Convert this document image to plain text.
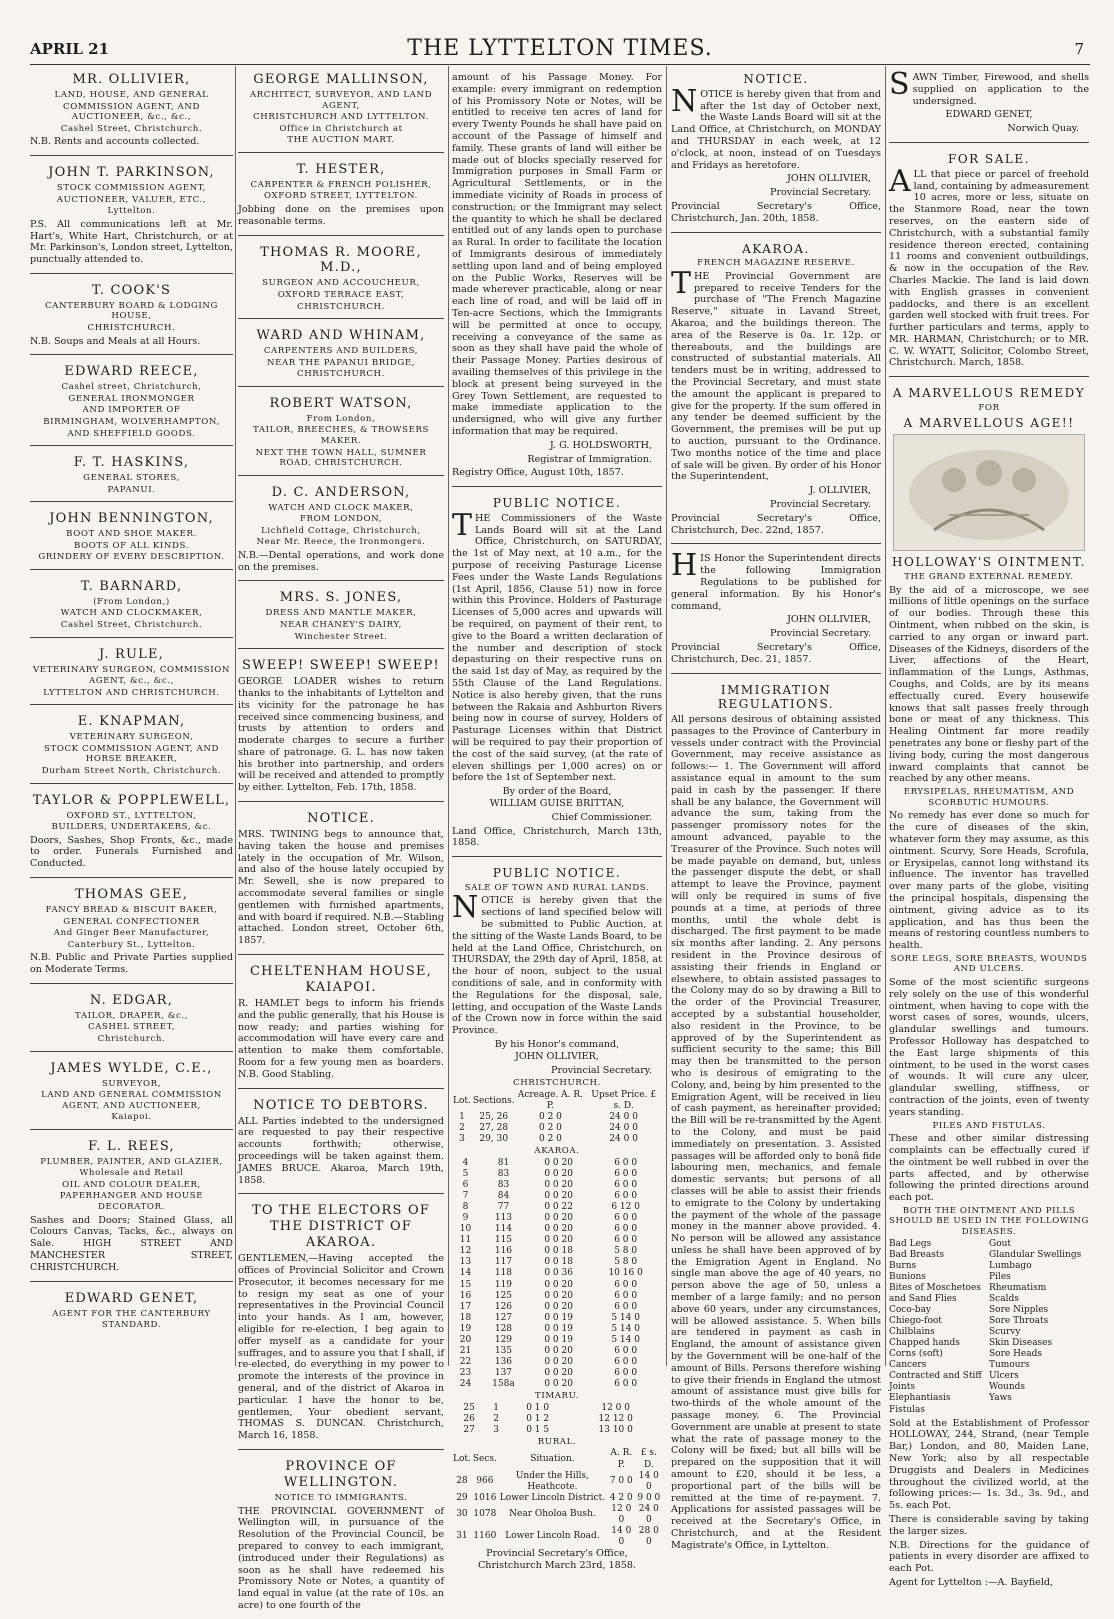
APRIL 21	THE LYTTELTON TIMES.	7
MR. OLLIVIER,
LAND, HOUSE, AND GENERAL
COMMISSION AGENT, AND AUCTIONEER, &c., &c.,
Cashel Street, Christchurch.
N.B. Rents and accounts collected.
JOHN T. PARKINSON,
STOCK COMMISSION AGENT,
AUCTIONEER, VALUER, ETC.,
Lyttelton.
P.S. All communications left at Mr. Hart's, White Hart, Christchurch, or at Mr. Parkinson's, London street, Lyttelton, punctually attended to.
T. COOK'S
CANTERBURY BOARD & LODGING HOUSE,
CHRISTCHURCH.
N.B. Soups and Meals at all Hours.
EDWARD REECE,
Cashel street, Christchurch,
GENERAL IRONMONGER
AND IMPORTER OF
BIRMINGHAM, WOLVERHAMPTON,
AND SHEFFIELD GOODS.
F. T. HASKINS,
GENERAL STORES,
PAPANUI.
JOHN BENNINGTON,
BOOT AND SHOE MAKER.
BOOTS OF ALL KINDS.
GRINDERY OF EVERY DESCRIPTION.
T. BARNARD,
(From London,)
WATCH AND CLOCKMAKER,
Cashel Street, Christchurch.
J. RULE,
VETERINARY SURGEON, COMMISSION
AGENT, &c., &c.,
LYTTELTON AND CHRISTCHURCH.
E. KNAPMAN,
VETERINARY SURGEON,
STOCK COMMISSION AGENT, AND HORSE BREAKER,
Durham Street North, Christchurch.
TAYLOR & POPPLEWELL,
OXFORD ST., LYTTELTON,
BUILDERS, UNDERTAKERS, &c.
Doors, Sashes, Shop Fronts, &c., made to order. Funerals Furnished and Conducted.
THOMAS GEE,
FANCY BREAD & BISCUIT BAKER,
GENERAL CONFECTIONER
And Ginger Beer Manufacturer,
Canterbury St., Lyttelton.
N.B. Public and Private Parties supplied on Moderate Terms.
N. EDGAR,
TAILOR, DRAPER, &c.,
CASHEL STREET,
Christchurch.
JAMES WYLDE, C.E.,
SURVEYOR,
LAND AND GENERAL COMMISSION AGENT, AND AUCTIONEER,
Kaiapoi.
F. L. REES,
PLUMBER, PAINTER, AND GLAZIER,
Wholesale and Retail
OIL AND COLOUR DEALER,
PAPERHANGER AND HOUSE DECORATOR.
Sashes and Doors; Stained Glass, all Colours Canvas, Tacks, &c., always on Sale. HIGH STREET AND MANCHESTER STREET, CHRISTCHURCH.
EDWARD GENET,
AGENT FOR THE CANTERBURY
STANDARD.
GEORGE MALLINSON,
ARCHITECT, SURVEYOR, AND LAND AGENT,
CHRISTCHURCH AND LYTTELTON.
Office in Christchurch at
THE AUCTION MART.
T. HESTER,
CARPENTER & FRENCH POLISHER,
OXFORD STREET, LYTTELTON.
Jobbing done on the premises upon reasonable terms.
THOMAS R. MOORE, M.D.,
SURGEON AND ACCOUCHEUR,
OXFORD TERRACE EAST,
CHRISTCHURCH.
WARD AND WHINAM,
CARPENTERS AND BUILDERS,
NEAR THE PAPANUI BRIDGE,
CHRISTCHURCH.
ROBERT WATSON,
From London,
TAILOR, BREECHES, & TROWSERS MAKER.
NEXT THE TOWN HALL, SUMNER ROAD, CHRISTCHURCH.
D. C. ANDERSON,
WATCH AND CLOCK MAKER,
FROM LONDON,
Lichfield Cottage, Christchurch,
Near Mr. Reece, the Ironmongers.
N.B.—Dental operations, and work done on the premises.
MRS. S. JONES,
DRESS AND MANTLE MAKER,
NEAR CHANEY'S DAIRY,
Winchester Street.
SWEEP! SWEEP! SWEEP!
GEORGE LOADER wishes to return thanks to the inhabitants of Lyttelton and its vicinity for the patronage he has received since commencing business, and trusts by attention to orders and moderate charges to secure a further share of patronage. G. L. has now taken his brother into partnership, and orders will be received and attended to promptly by either. Lyttelton, Feb. 17th, 1858.
NOTICE.
MRS. TWINING begs to announce that, having taken the house and premises lately in the occupation of Mr. Wilson, and also of the house lately occupied by Mr. Sewell, she is now prepared to accommodate several families or single gentlemen with furnished apartments, and with board if required. N.B.—Stabling attached. London street, October 6th, 1857.
CHELTENHAM HOUSE, KAIAPOI.
R. HAMLET begs to inform his friends and the public generally, that his House is now ready; and parties wishing for accommodation will have every care and attention to make them comfortable. Room for a few young men as boarders. N.B. Good Stabling.
NOTICE TO DEBTORS.
ALL Parties indebted to the undersigned are requested to pay their respective accounts forthwith; otherwise, proceedings will be taken against them. JAMES BRUCE. Akaroa, March 19th, 1858.
TO THE ELECTORS OF THE DISTRICT OF AKAROA.
GENTLEMEN,—Having accepted the offices of Provincial Solicitor and Crown Prosecutor, it becomes necessary for me to resign my seat as one of your representatives in the Provincial Council into your hands. As I am, however, eligible for re-election, I beg again to offer myself as a candidate for your suffrages, and to assure you that I shall, if re-elected, do everything in my power to promote the interests of the province in general, and of the district of Akaroa in particular. I have the honor to be, gentlemen, Your obedient servant, THOMAS S. DUNCAN. Christchurch, March 16, 1858.
PROVINCE OF WELLINGTON.
NOTICE TO IMMIGRANTS.
THE PROVINCIAL GOVERNMENT of Wellington will, in pursuance of the Resolution of the Provincial Council, be prepared to convey to each immigrant, (introduced under their Regulations) as soon as he shall have redeemed his Promissory Note or Notes, a quantity of land equal in value (at the rate of 10s. an acre) to one fourth of the
amount of his Passage Money. For example: every immigrant on redemption of his Promissory Note or Notes, will be entitled to receive ten acres of land for every Twenty Pounds he shall have paid on account of the Passage of himself and family. These grants of land will either be made out of blocks specially reserved for Immigration purposes in Small Farm or Agricultural Settlements, or in the immediate vicinity of Roads in process of construction; or the Immigrant may select the quantity to which he shall be declared entitled out of any lands open to purchase as Rural. In order to facilitate the location of Immigrants desirous of immediately settling upon land and of being employed on the Public Works, Reserves will be made wherever practicable, along or near each line of road, and will be laid off in Ten-acre Sections, which the Immigrants will be permitted at once to occupy, receiving a conveyance of the same as soon as they shall have paid the whole of their Passage Money. Parties desirous of availing themselves of this privilege in the block at present being surveyed in the Grey Town Settlement, are requested to make immediate application to the undersigned, who will give any further information that may be required.
J. G. HOLDSWORTH,
Registrar of Immigration.
Registry Office, August 10th, 1857.
PUBLIC NOTICE.
THE Commissioners of the Waste Lands Board will sit at the Land Office, Christchurch, on SATURDAY, the 1st of May next, at 10 a.m., for the purpose of receiving Pasturage License Fees under the Waste Lands Regulations (1st April, 1856, Clause 51) now in force within this Province. Holders of Pasturage Licenses of 5,000 acres and upwards will be required, on payment of their rent, to give to the Board a written declaration of the number and description of stock depasturing on their respective runs on the said 1st day of May, as required by the 55th Clause of the Land Regulations. Notice is also hereby given, that the runs between the Rakaia and Ashburton Rivers being now in course of survey, Holders of Pasturage Licenses within that District will be required to pay their proportion of the cost of the said survey, (at the rate of eleven shillings per 1,000 acres) on or before the 1st of September next.
By order of the Board,
WILLIAM GUISE BRITTAN,
Chief Commissioner.
Land Office, Christchurch, March 13th, 1858.
PUBLIC NOTICE.
SALE OF TOWN AND RURAL LANDS.
NOTICE is hereby given that the sections of land specified below will be submitted to Public Auction, at the sitting of the Waste Lands Board, to be held at the Land Office, Christchurch, on THURSDAY, the 29th day of April, 1858, at the hour of noon, subject to the usual conditions of sale, and in conformity with the Regulations for the disposal, sale, letting, and occupation of the Waste Lands of the Crown now in force within the said Province.
By his Honor's command,
JOHN OLLIVIER,
Provincial Secretary.
CHRISTCHURCH.
Lot.	Sections.	Acreage. A. R. P.	Upset Price. £ s. D.
1	25, 26	0 2 0	24 0 0
2	27, 28	0 2 0	24 0 0
3	29, 30	0 2 0	24 0 0
AKAROA.
4	81	0 0 20	6 0 0
5	83	0 0 20	6 0 0
6	83	0 0 20	6 0 0
7	84	0 0 20	6 0 0
8	77	0 0 22	6 12 0
9	113	0 0 20	6 0 0
10	114	0 0 20	6 0 0
11	115	0 0 20	6 0 0
12	116	0 0 18	5 8 0
13	117	0 0 18	5 8 0
14	118	0 0 36	10 16 0
15	119	0 0 20	6 0 0
16	125	0 0 20	6 0 0
17	126	0 0 20	6 0 0
18	127	0 0 19	5 14 0
19	128	0 0 19	5 14 0
20	129	0 0 19	5 14 0
21	135	0 0 20	6 0 0
22	136	0 0 20	6 0 0
23	137	0 0 20	6 0 0
24	158a	0 0 20	6 0 0
TIMARU.
25	1	0 1 0	12 0 0
26	2	0 1 2	12 12 0
27	3	0 1 5	13 10 0
RURAL.
Lot.	Secs.	Situation.	A. R. P.	£ s. D.
28	966	Under the Hills, Heathcote.	7 0 0	14 0 0
29	1016	Lower Lincoln District.	4 2 0	9 0 0
30	1078	Near Oholoa Bush.	12 0 0	24 0 0
31	1160	Lower Lincoln Road.	14 0 0	28 0 0
Provincial Secretary's Office,
Christchurch March 23rd, 1858.
NOTICE.
NOTICE is hereby given that from and after the 1st day of October next, the Waste Lands Board will sit at the Land Office, at Christchurch, on MONDAY and THURSDAY in each week, at 12 o'clock, at noon, instead of on Tuesdays and Fridays as heretofore.
JOHN OLLIVIER,
Provincial Secretary.
Provincial Secretary's Office, Christchurch, Jan. 20th, 1858.
AKAROA.
FRENCH MAGAZINE RESERVE.
THE Provincial Government are prepared to receive Tenders for the purchase of "The French Magazine Reserve," situate in Lavand Street, Akaroa, and the buildings thereon. The area of the Reserve is 0a. 1r. 12p. or thereabouts, and the buildings are constructed of substantial materials. All tenders must be in writing, addressed to the Provincial Secretary, and must state the amount the applicant is prepared to give for the property. If the sum offered in any tender be deemed sufficient by the Government, the premises will be put up to auction, pursuant to the Ordinance. Two months notice of the time and place of sale will be given. By order of his Honor the Superintendent,
J. OLLIVIER,
Provincial Secretary.
Provincial Secretary's Office, Christchurch, Dec. 22nd, 1857.
HIS Honor the Superintendent directs the following Immigration Regulations to be published for general information. By his Honor's command,
JOHN OLLIVIER,
Provincial Secretary.
Provincial Secretary's Office, Christchurch, Dec. 21, 1857.
IMMIGRATION REGULATIONS.
All persons desirous of obtaining assisted passages to the Province of Canterbury in vessels under contract with the Provincial Government, may receive assistance as follows:— 1. The Government will afford assistance equal in amount to the sum paid in cash by the passenger. If there shall be any balance, the Government will advance the sum, taking from the passenger promissory notes for the amount advanced, payable to the Treasurer of the Province. Such notes will be made payable on demand, but, unless the passenger dispute the debt, or shall attempt to leave the Province, payment will only be required in sums of five pounds at a time, at periods of three months, until the whole debt is discharged. The first payment to be made six months after landing. 2. Any persons resident in the Province desirous of assisting their friends in England or elsewhere, to obtain assisted passages to the Colony may do so by drawing a Bill to the order of the Provincial Treasurer, accepted by a substantial householder, also resident in the Province, to be approved of by the Superintendent as sufficient security to the same; this Bill may then be transmitted to the person who is desirous of emigrating to the Colony, and, being by him presented to the Emigration Agent, will be received in lieu of cash payment, as hereinafter provided; the Bill will be re-transmitted by the Agent to the Colony, and must be paid immediately on presentation. 3. Assisted passages will be afforded only to bonâ fide labouring men, mechanics, and female domestic servants; but persons of all classes will be able to assist their friends to emigrate to the Colony by undertaking the payment of the whole of the passage money in the manner above provided. 4. No person will be allowed any assistance unless he shall have been approved of by the Emigration Agent in England. No single man above the age of 40 years, no person above the age of 50, unless a member of a large family; and no person above 60 years, under any circumstances, will be allowed assistance. 5. When bills are tendered in payment as cash in England, the amount of assistance given by the Government will be one-half of the amount of Bills. Persons therefore wishing to give their friends in England the utmost amount of assistance must give bills for two-thirds of the whole amount of the passage money. 6. The Provincial Government are unable at present to state what the rate of passage money to the Colony will be fixed; but all bills will be prepared on the supposition that it will amount to £20, should it be less, a proportional part of the bills will be remitted at the time of re-payment. 7. Applications for assisted passages will be received at the Secretary's Office, in Christchurch, and at the Resident Magistrate's Office, in Lyttelton.
SAWN Timber, Firewood, and shells supplied on application to the undersigned.
EDWARD GENET,
Norwich Quay.
FOR SALE.
ALL that piece or parcel of freehold land, containing by admeasurement 10 acres, more or less, situate on the Stanmore Road, near the town reserves, on the eastern side of Christchurch, with a substantial family residence thereon erected, containing 11 rooms and convenient outbuildings, & now in the occupation of the Rev. Charles Mackie. The land is laid down with English grasses in convenient paddocks, and there is an excellent garden well stocked with fruit trees. For further particulars and terms, apply to MR. HARMAN, Christchurch; or to MR. C. W. WYATT, Solicitor, Colombo Street, Christchurch. March, 1858.
A MARVELLOUS REMEDY
FOR
A MARVELLOUS AGE!!
HOLLOWAY'S OINTMENT.
THE GRAND EXTERNAL REMEDY.
By the aid of a microscope, we see millions of little openings on the surface of our bodies. Through these this Ointment, when rubbed on the skin, is carried to any organ or inward part. Diseases of the Kidneys, disorders of the Liver, affections of the Heart, inflammation of the Lungs, Asthmas, Coughs, and Colds, are by its means effectually cured. Every housewife knows that salt passes freely through bone or meat of any thickness. This Healing Ointment far more readily penetrates any bone or fleshy part of the living body, curing the most dangerous inward complaints that cannot be reached by any other means.
ERYSIPELAS, RHEUMATISM, AND SCORBUTIC HUMOURS.
No remedy has ever done so much for the cure of diseases of the skin, whatever form they may assume, as this ointment. Scurvy, Sore Heads, Scrofula, or Erysipelas, cannot long withstand its influence. The inventor has travelled over many parts of the globe, visiting the principal hospitals, dispensing the ointment, giving advice as to its application, and has thus been the means of restoring countless numbers to health.
SORE LEGS, SORE BREASTS, WOUNDS AND ULCERS.
Some of the most scientific surgeons rely solely on the use of this wonderful ointment, when having to cope with the worst cases of sores, wounds, ulcers, glandular swellings and tumours. Professor Holloway has despatched to the East large shipments of this ointment, to be used in the worst cases of wounds. It will cure any ulcer, glandular swelling, stiffness, or contraction of the joints, even of twenty years standing.
PILES AND FISTULAS.
These and other similar distressing complaints can be effectually cured if the ointment be well rubbed in over the parts affected, and by otherwise following the printed directions around each pot.
BOTH THE OINTMENT AND PILLS SHOULD BE USED IN THE FOLLOWING DISEASES.
Bad Legs
Bad Breasts
Burns
Bunions
Bites of Moschetoes and Sand Flies
Coco-bay
Chiego-foot
Chilblains
Chapped hands
Corns (soft)
Cancers
Contracted and Stiff Joints
Elephantiasis
Fistulas
Gout
Glandular Swellings
Lumbago
Piles
Rheumatism
Scalds
Sore Nipples
Sore Throats
Scurvy
Skin Diseases
Sore Heads
Tumours
Ulcers
Wounds
Yaws
Sold at the Establishment of Professor HOLLOWAY, 244, Strand, (near Temple Bar,) London, and 80, Maiden Lane, New York; also by all respectable Druggists and Dealers in Medicines throughout the civilized world, at the following prices:— 1s. 3d., 3s. 9d., and 5s. each Pot.
There is considerable saving by taking the larger sizes.
N.B. Directions for the guidance of patients in every disorder are affixed to each Pot.
Agent for Lyttelton :—A. Bayfield,
